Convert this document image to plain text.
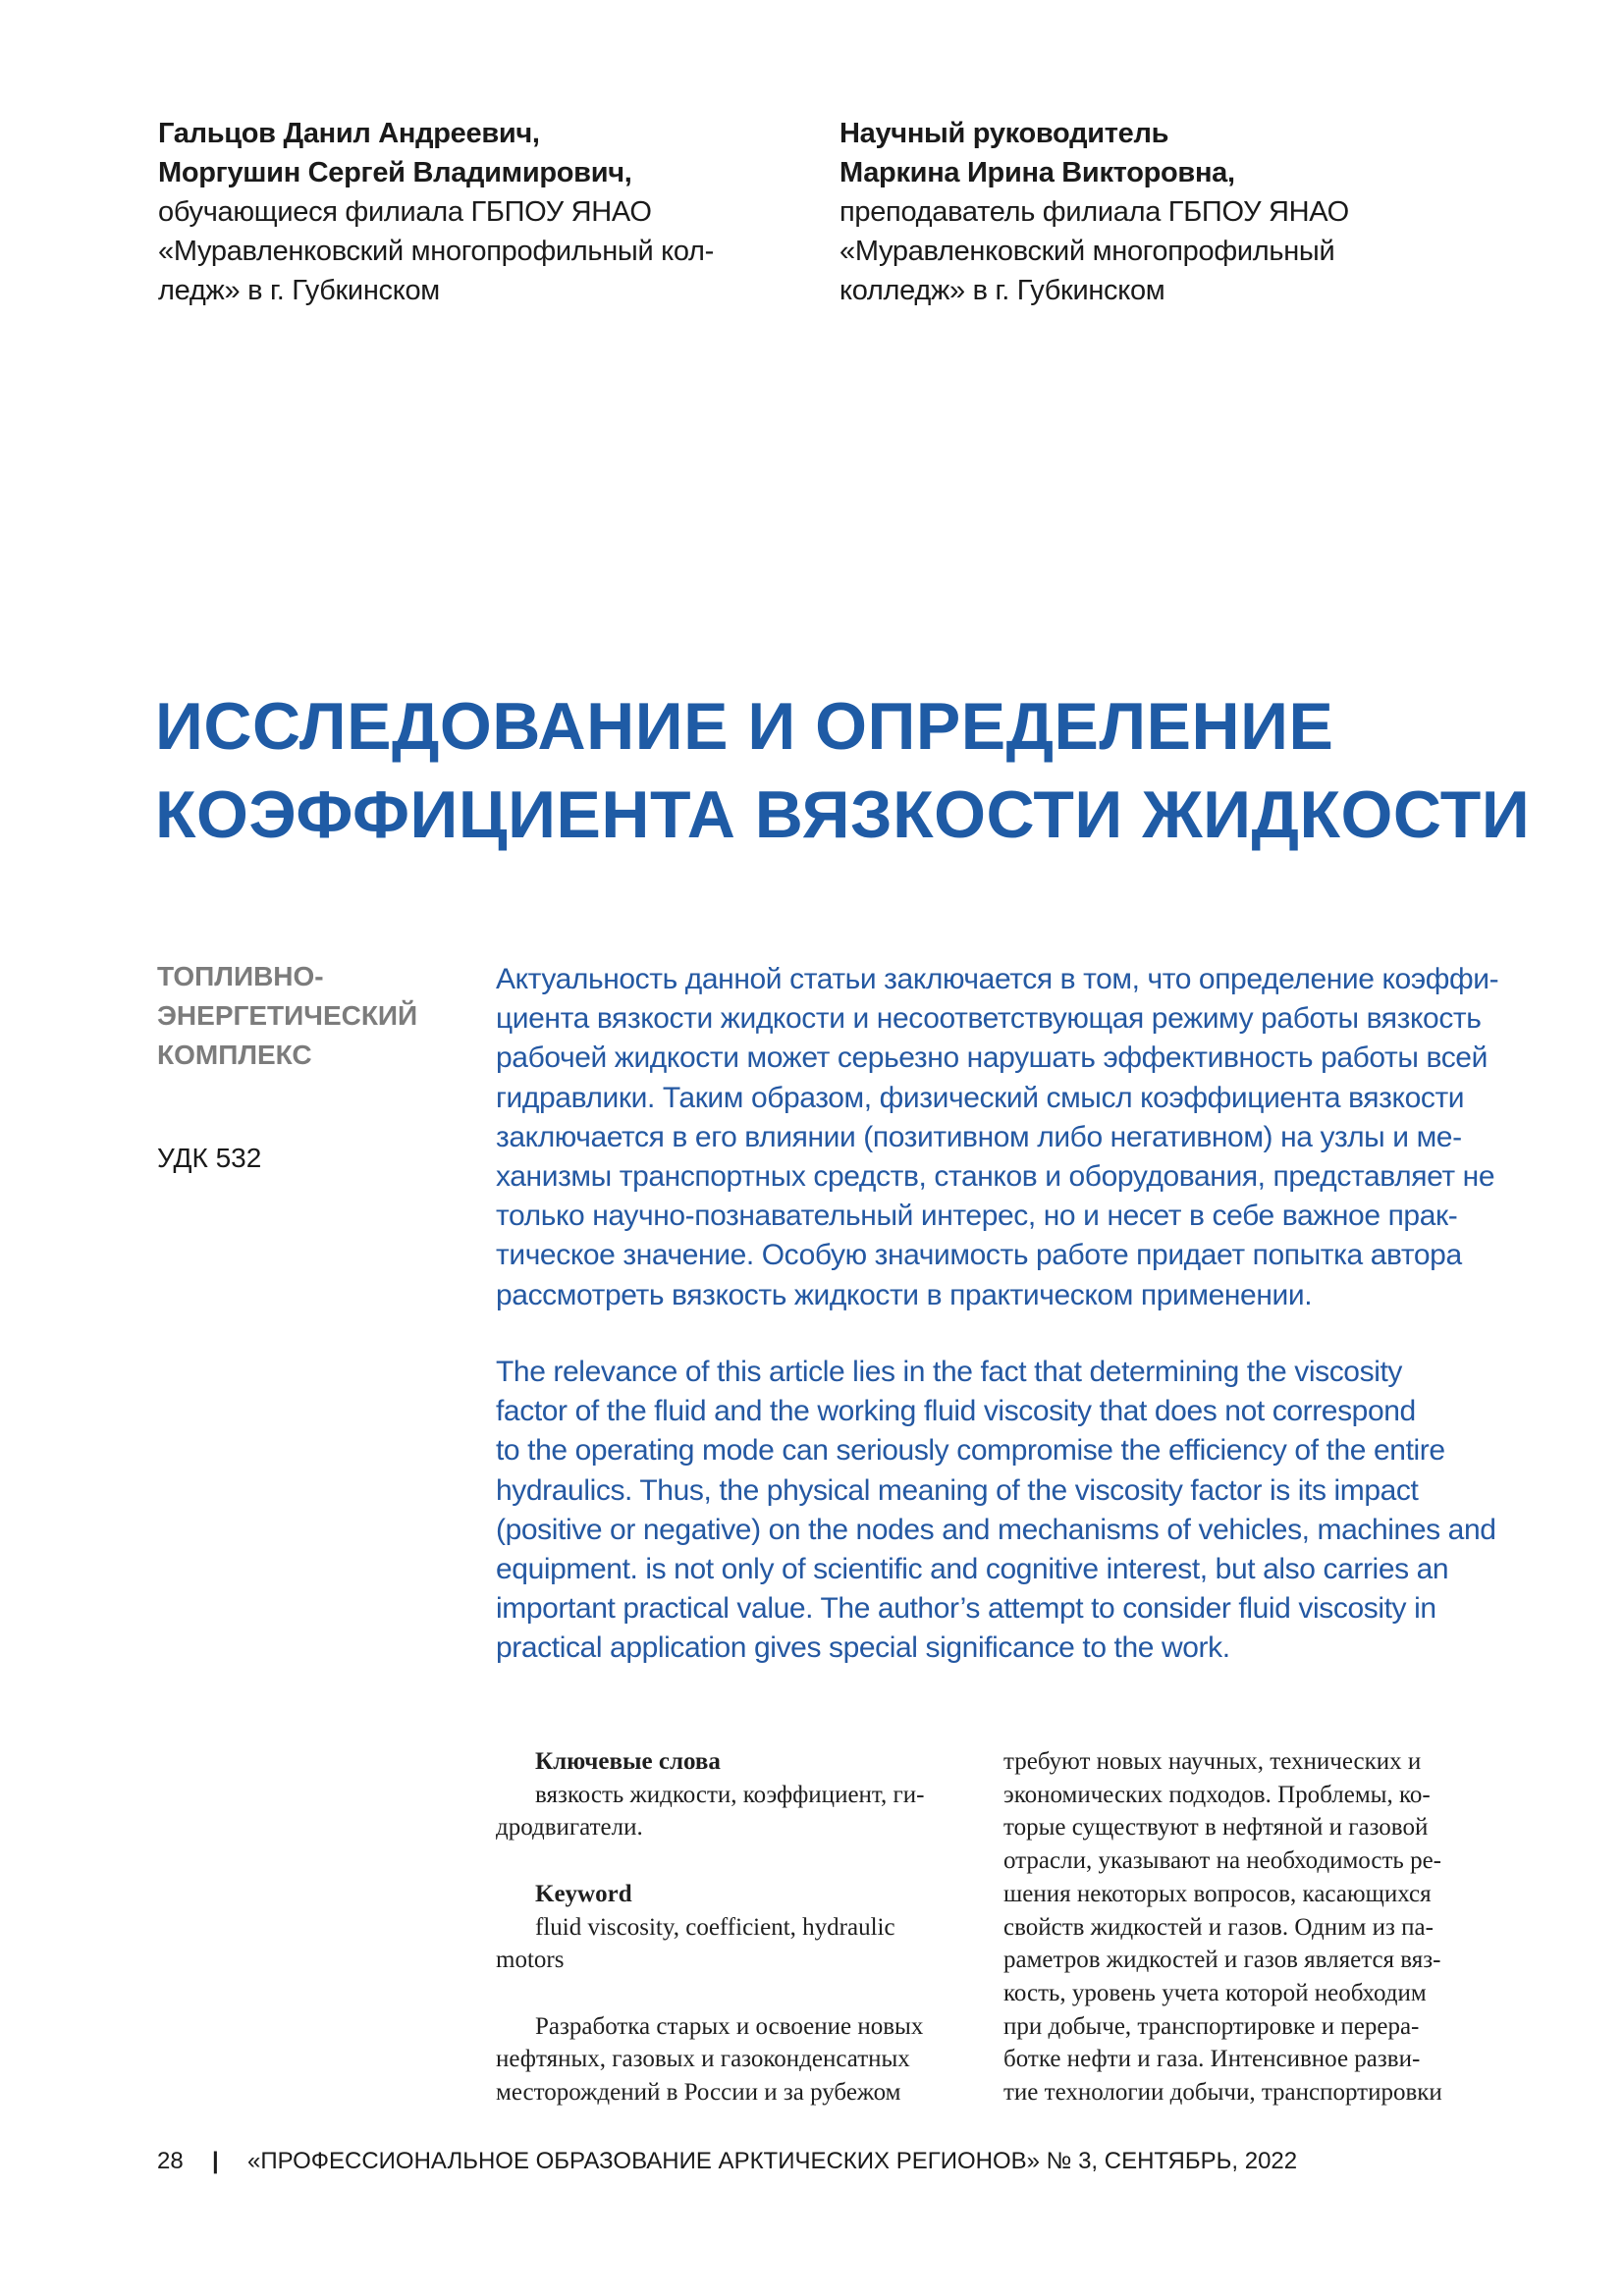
Гальцов Данил Андреевич,
Моргушин Сергей Владимирович,
обучающиеся филиала ГБПОУ ЯНАО
«Муравленковский многопрофильный кол-
ледж» в г. Губкинском
Научный руководитель
Маркина Ирина Викторовна,
преподаватель филиала ГБПОУ ЯНАО
«Муравленковский многопрофильный
колледж» в г. Губкинском
ИССЛЕДОВАНИЕ И ОПРЕДЕЛЕНИЕ
КОЭФФИЦИЕНТА ВЯЗКОСТИ ЖИДКОСТИ
ТОПЛИВНО-
ЭНЕРГЕТИЧЕСКИЙ
КОМПЛЕКС
УДК 532
Актуальность данной статьи заключается в том, что определение коэффи-
циента вязкости жидкости и несоответствующая режиму работы вязкость
рабочей жидкости может серьезно нарушать эффективность работы всей
гидравлики. Таким образом, физический смысл коэффициента вязкости
заключается в его влиянии (позитивном либо негативном) на узлы и ме-
ханизмы транспортных средств, станков и оборудования, представляет не
только научно-познавательный интерес, но и несет в себе важное прак-
тическое значение. Особую значимость работе придает попытка автора
рассмотреть вязкость жидкости в практическом применении.
The relevance of this article lies in the fact that determining the viscosity
factor of the fluid and the working fluid viscosity that does not correspond
to the operating mode can seriously compromise the efficiency of the entire
hydraulics. Thus, the physical meaning of the viscosity factor is its impact
(positive or negative) on the nodes and mechanisms of vehicles, machines and
equipment. is not only of scientific and cognitive interest, but also carries an
important practical value. The author’s attempt to consider fluid viscosity in
practical application gives special significance to the work.
Ключевые слова
вязкость жидкости, коэффициент, ги-
дродвигатели.
Keyword
fluid viscosity, coefficient, hydraulic
motors
Разработка старых и освоение новых
нефтяных, газовых и газоконденсатных
месторождений в России и за рубежом
требуют новых научных, технических и
экономических подходов. Проблемы, ко-
торые существуют в нефтяной и газовой
отрасли, указывают на необходимость ре-
шения некоторых вопросов, касающихся
свойств жидкостей и газов. Одним из па-
раметров жидкостей и газов является вяз-
кость, уровень учета которой необходим
при добыче, транспортировке и перера-
ботке нефти и газа. Интенсивное разви-
тие технологии добычи, транспортировки
28 | «ПРОФЕССИОНАЛЬНОЕ ОБРАЗОВАНИЕ АРКТИЧЕСКИХ РЕГИОНОВ» № 3, СЕНТЯБРЬ, 2022
